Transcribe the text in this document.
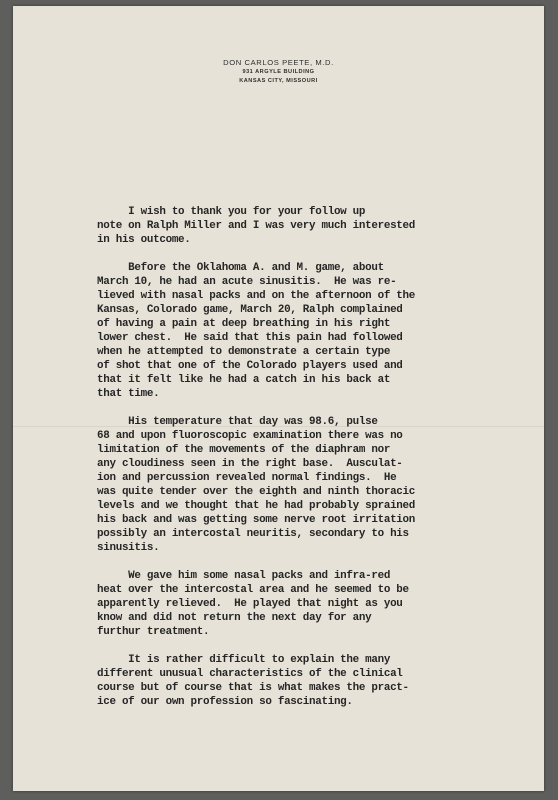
DON CARLOS PEETE, M.D.
931 ARGYLE BUILDING
KANSAS CITY, MISSOURI
I wish to thank you for your follow up
note on Ralph Miller and I was very much interested
in his outcome.
Before the Oklahoma A. and M. game, about
March 10, he had an acute sinusitis.  He was re-
lieved with nasal packs and on the afternoon of the
Kansas, Colorado game, March 20, Ralph complained
of having a pain at deep breathing in his right
lower chest.  He said that this pain had followed
when he attempted to demonstrate a certain type
of shot that one of the Colorado players used and
that it felt like he had a catch in his back at
that time.
His temperature that day was 98.6, pulse
68 and upon fluoroscopic examination there was no
limitation of the movements of the diaphram nor
any cloudiness seen in the right base.  Ausculat-
ion and percussion revealed normal findings.  He
was quite tender over the eighth and ninth thoracic
levels and we thought that he had probably sprained
his back and was getting some nerve root irritation
possibly an intercostal neuritis, secondary to his
sinusitis.
We gave him some nasal packs and infra-red
heat over the intercostal area and he seemed to be
apparently relieved.  He played that night as you
know and did not return the next day for any
furthur treatment.
It is rather difficult to explain the many
different unusual characteristics of the clinical
course but of course that is what makes the pract-
ice of our own profession so fascinating.
